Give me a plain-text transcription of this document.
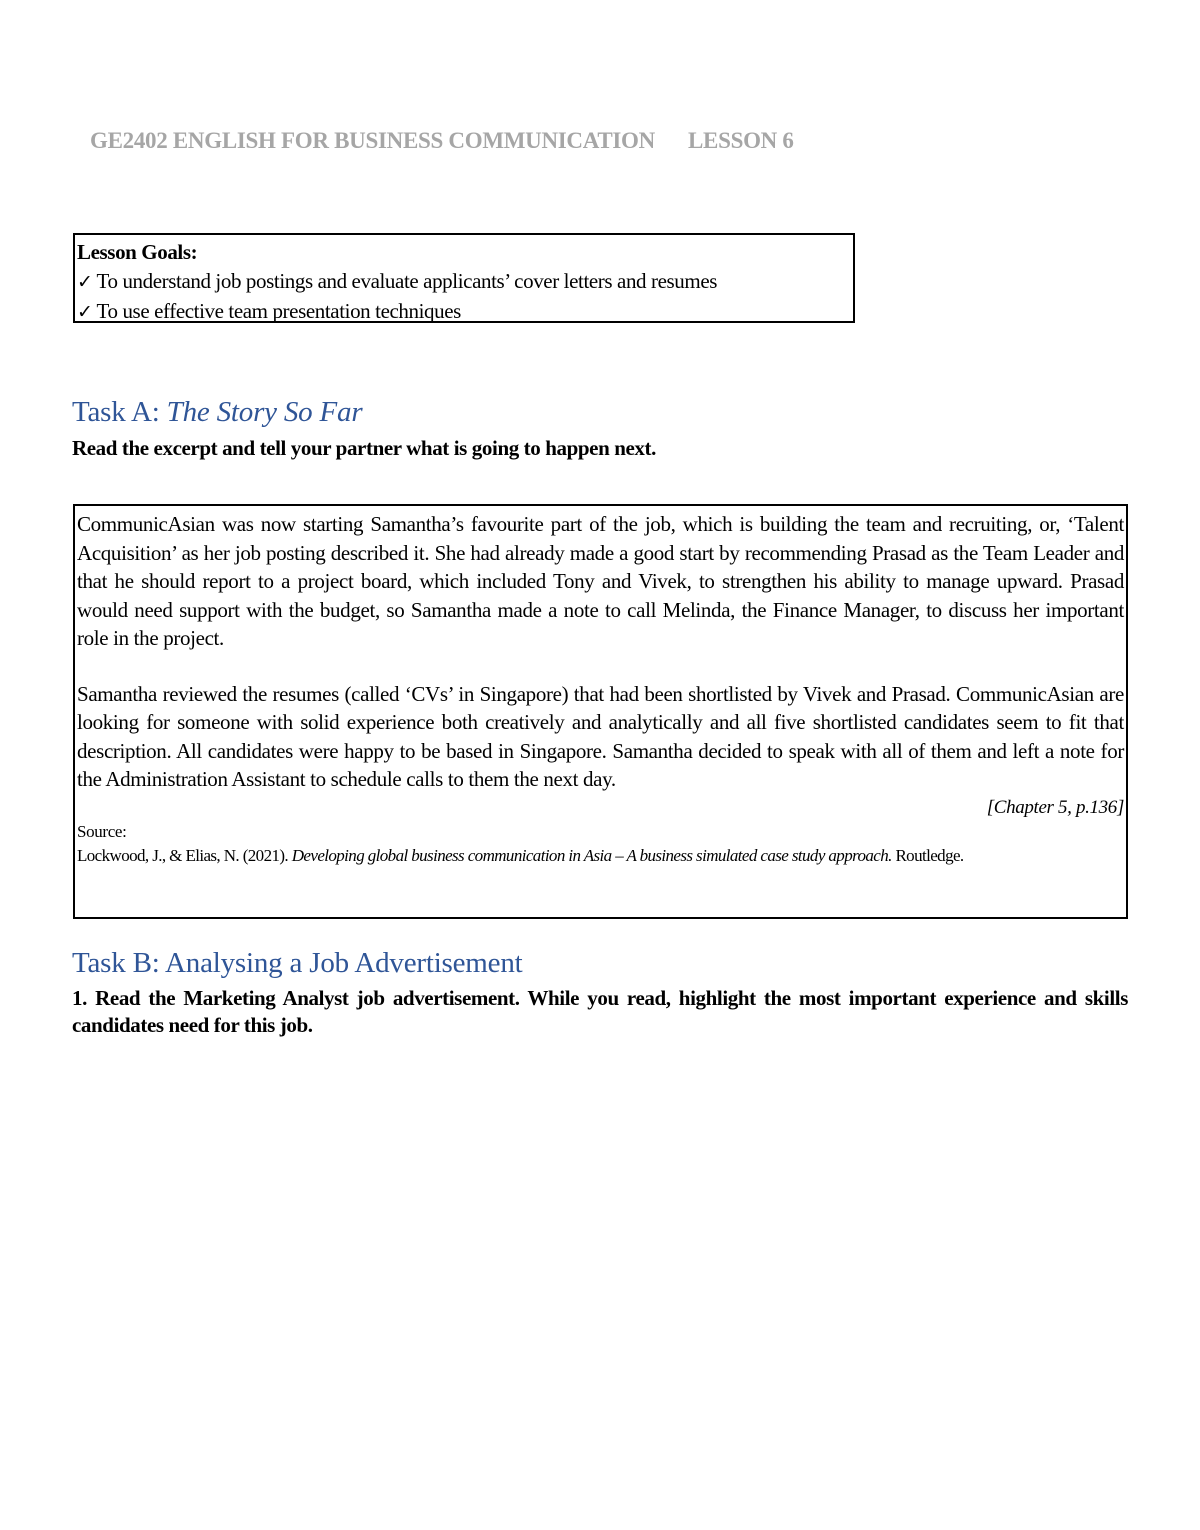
GE2402 ENGLISH FOR BUSINESS COMMUNICATION LESSON 6
Lesson Goals:
✓ To understand job postings and evaluate applicants’ cover letters and resumes
✓ To use effective team presentation techniques
Task A: The Story So Far
Read the excerpt and tell your partner what is going to happen next.

CommunicAsian was now starting Samantha’s favourite part of the job, which is building the team and recruiting, or, ‘Talent Acquisition’ as her job posting described it. She had already made a good start by recommending Prasad as the Team Leader and that he should report to a project board, which included Tony and Vivek, to strengthen his ability to manage upward. Prasad would need support with the budget, so Samantha made a note to call Melinda, the Finance Manager, to discuss her important role in the project.

Samantha reviewed the resumes (called ‘CVs’ in Singapore) that had been shortlisted by Vivek and Prasad. CommunicAsian are looking for someone with solid experience both creatively and analytically and all five shortlisted candidates seem to fit that description. All candidates were happy to be based in Singapore. Samantha decided to speak with all of them and left a note for the Administration Assistant to schedule calls to them the next day.

[Chapter 5, p.136]
Source:
Lockwood, J., & Elias, N. (2021). Developing global business communication in Asia – A business simulated case study approach. Routledge.
Task B: Analysing a Job Advertisement
1. Read the Marketing Analyst job advertisement. While you read, highlight the most important experience and skills candidates need for this job.
